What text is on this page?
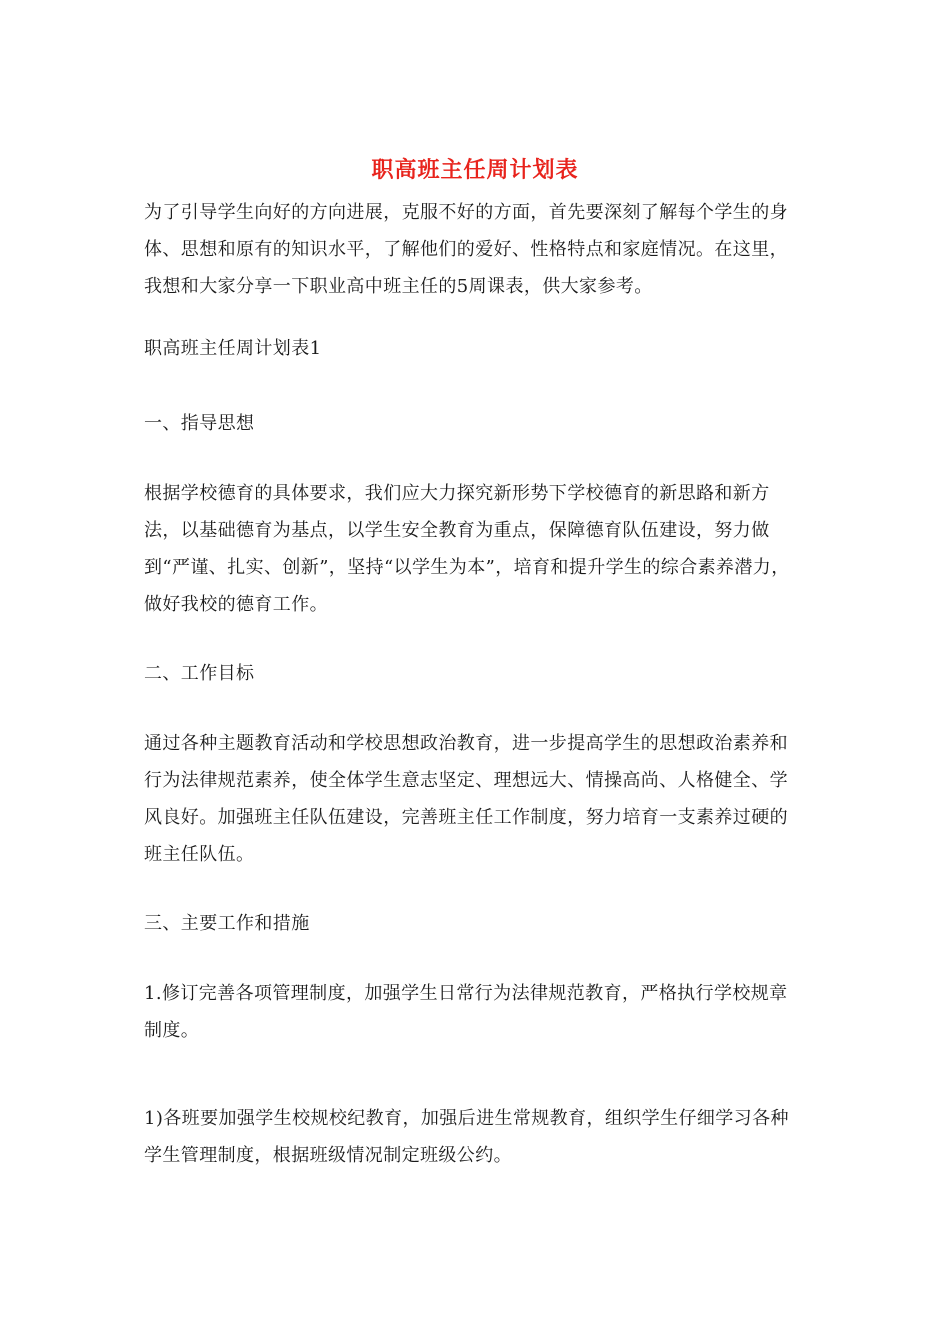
职高班主任周计划表
为了引导学生向好的方向进展，克服不好的方面，首先要深刻了解每个学生的身体、思想和原有的知识水平，了解他们的爱好、性格特点和家庭情况。在这里，我想和大家分享一下职业高中班主任的5周课表，供大家参考。
职高班主任周计划表1
一、指导思想
根据学校德育的具体要求，我们应大力探究新形势下学校德育的新思路和新方法，以基础德育为基点，以学生安全教育为重点，保障德育队伍建设，努力做到“严谨、扎实、创新”，坚持“以学生为本”，培育和提升学生的综合素养潜力，做好我校的德育工作。
二、工作目标
通过各种主题教育活动和学校思想政治教育，进一步提高学生的思想政治素养和行为法律规范素养，使全体学生意志坚定、理想远大、情操高尚、人格健全、学风良好。加强班主任队伍建设，完善班主任工作制度，努力培育一支素养过硬的班主任队伍。
三、主要工作和措施
1.修订完善各项管理制度，加强学生日常行为法律规范教育，严格执行学校规章制度。
1)各班要加强学生校规校纪教育，加强后进生常规教育，组织学生仔细学习各种学生管理制度，根据班级情况制定班级公约。
